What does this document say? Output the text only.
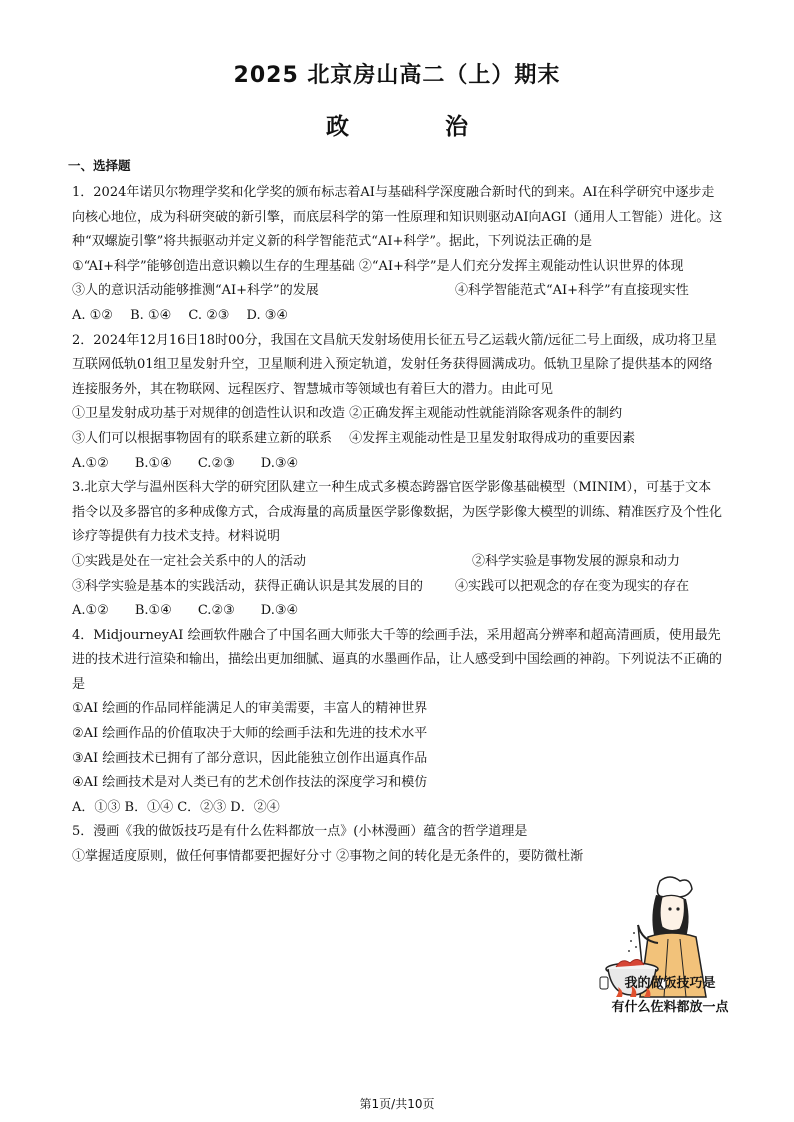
2025 北京房山高二（上）期末
政 治
一、选择题

1．2024年诺贝尔物理学奖和化学奖的颁布标志着AI与基础科学深度融合新时代的到来。AI在科学研究中逐步走向核心地位，成为科研突破的新引擎，而底层科学的第一性原理和知识则驱动AI向AGI（通用人工智能）进化。这种“双螺旋引擎”将共振驱动并定义新的科学智能范式“AI+科学”。据此，下列说法正确的是

①“AI+科学”能够创造出意识赖以生存的生理基础 ②“AI+科学”是人们充分发挥主观能动性认识世界的体现

③人的意识活动能够推测“AI+科学”的发展	④科学智能范式“AI+科学”有直接现实性

A. ①②　 B. ①④　 C. ②③　 D. ③④

2．2024年12月16日18时00分，我国在文昌航天发射场使用长征五号乙运载火箭/远征二号上面级，成功将卫星互联网低轨01组卫星发射升空，卫星顺利进入预定轨道，发射任务获得圆满成功。低轨卫星除了提供基本的网络连接服务外，其在物联网、远程医疗、智慧城市等领域也有着巨大的潜力。由此可见

①卫星发射成功基于对规律的创造性认识和改造 ②正确发挥主观能动性就能消除客观条件的制约

③人们可以根据事物固有的联系建立新的联系　 ④发挥主观能动性是卫星发射取得成功的重要因素

A.①②　　B.①④　　C.②③　　D.③④

3.北京大学与温州医科大学的研究团队建立一种生成式多模态跨器官医学影像基础模型（MINIM），可基于文本指令以及多器官的多种成像方式，合成海量的高质量医学影像数据，为医学影像大模型的训练、精准医疗及个性化诊疗等提供有力技术支持。材料说明

①实践是处在一定社会关系中的人的活动	②科学实验是事物发展的源泉和动力
③科学实验是基本的实践活动，获得正确认识是其发展的目的	④实践可以把观念的存在变为现实的存在

A.①②　　B.①④　　C.②③　　D.③④

4．MidjourneyAI 绘画软件融合了中国名画大师张大千等的绘画手法，采用超高分辨率和超高清画质，使用最先进的技术进行渲染和输出，描绘出更加细腻、逼真的水墨画作品，让人感受到中国绘画的神韵。下列说法不正确的是

①AI 绘画的作品同样能满足人的审美需要，丰富人的精神世界

②AI 绘画作品的价值取决于大师的绘画手法和先进的技术水平

③AI 绘画技术已拥有了部分意识，因此能独立创作出逼真作品

④AI 绘画技术是对人类已有的艺术创作技法的深度学习和模仿

A．①③ B．①④ C．②③ D．②④

5．漫画《我的做饭技巧是有什么佐料都放一点》(小林漫画）蕴含的哲学道理是

①掌握适度原则，做任何事情都要把握好分寸 ②事物之间的转化是无条件的，要防微杜渐

我的做饭技巧是
有什么佐料都放一点
第1页/共10页
